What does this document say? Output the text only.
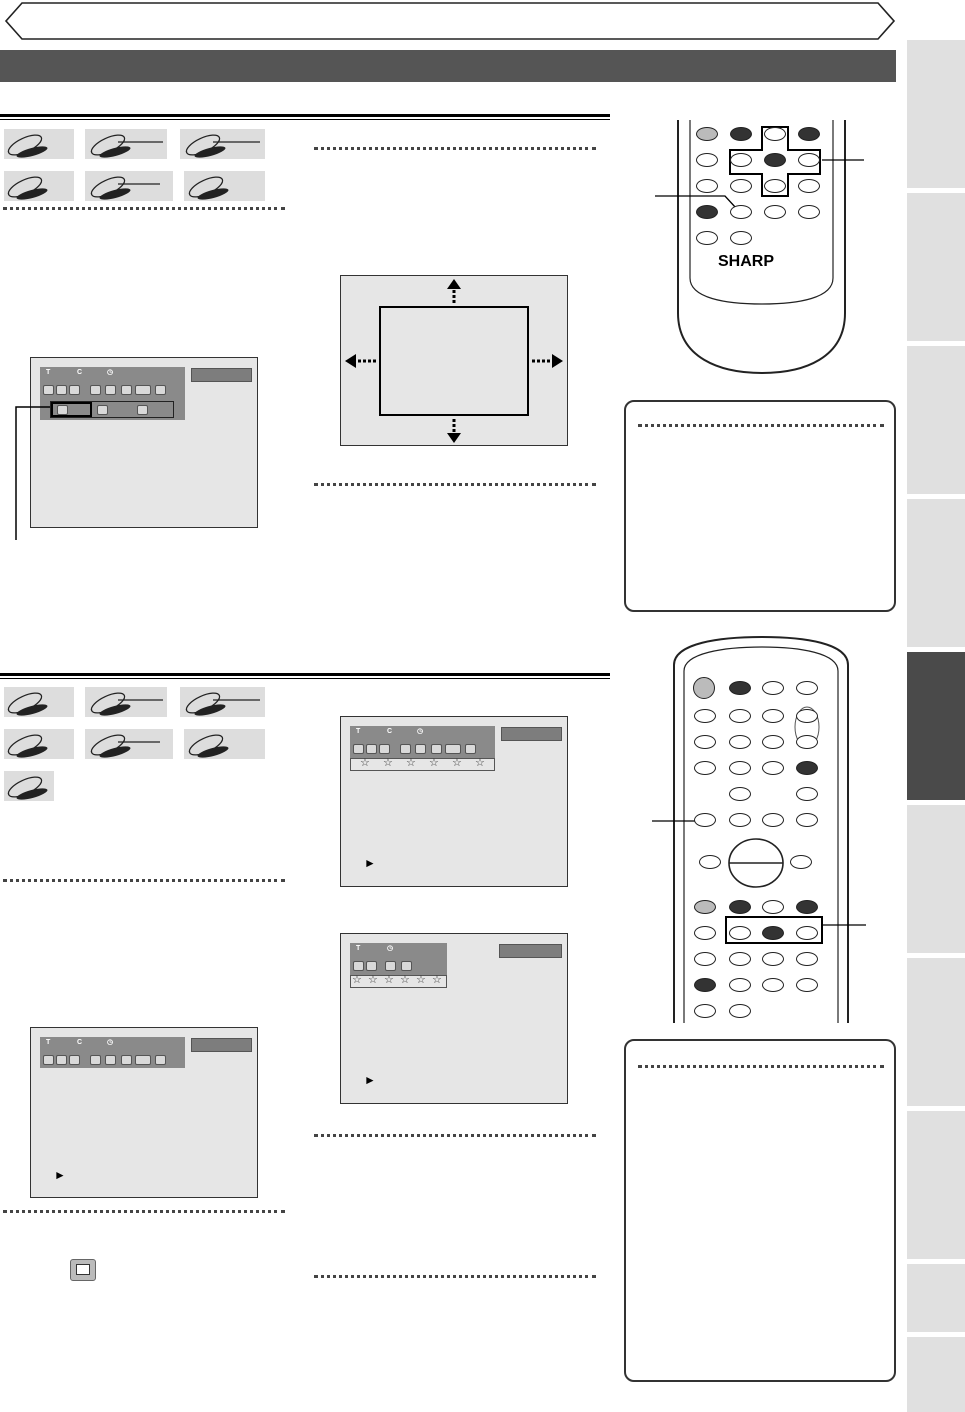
T	C	◷
SHARP
T	C	◷
☆ ☆ ☆ ☆ ☆ ☆
►
T	◷
☆ ☆ ☆ ☆ ☆ ☆
►
T	C	◷
►
